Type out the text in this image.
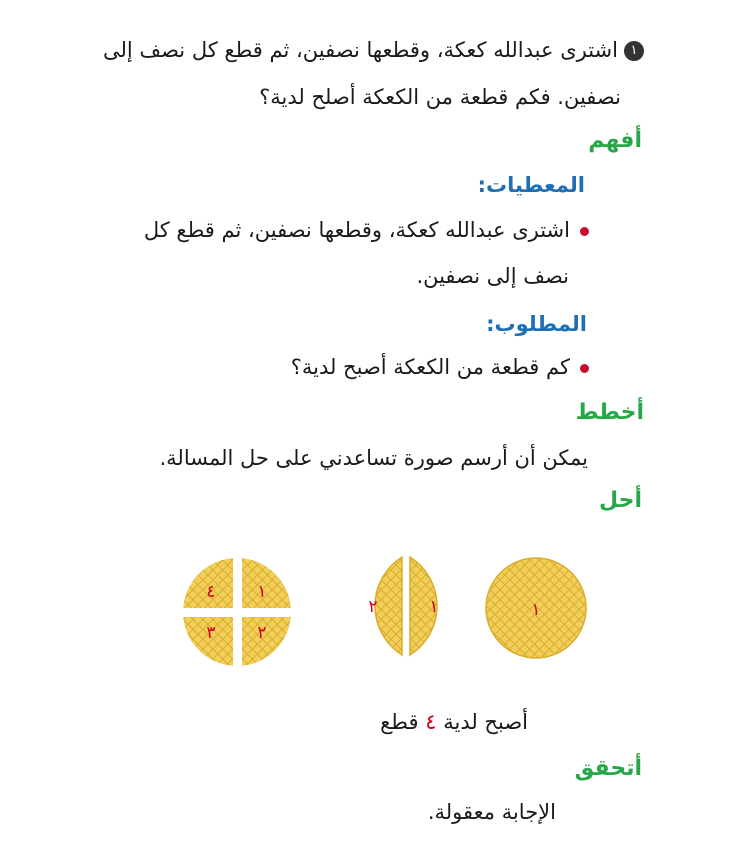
١اشترى عبدالله كعكة، وقطعها نصفين، ثم قطع كل نصف إلى
نصفين. فكم قطعة من الكعكة أصلح لدية؟
أفهم
المعطيات:
اشترى عبدالله كعكة، وقطعها نصفين، ثم قطع كل
نصف إلى نصفين.
المطلوب:
كم قطعة من الكعكة أصبح لدية؟
أخطط
يمكن أن أرسم صورة تساعدني على حل المسالة.
أحل
١
١
٢
١
٤
٢
٣
أصبح لدية ٤ قطع
أتحقق
الإجابة معقولة.
